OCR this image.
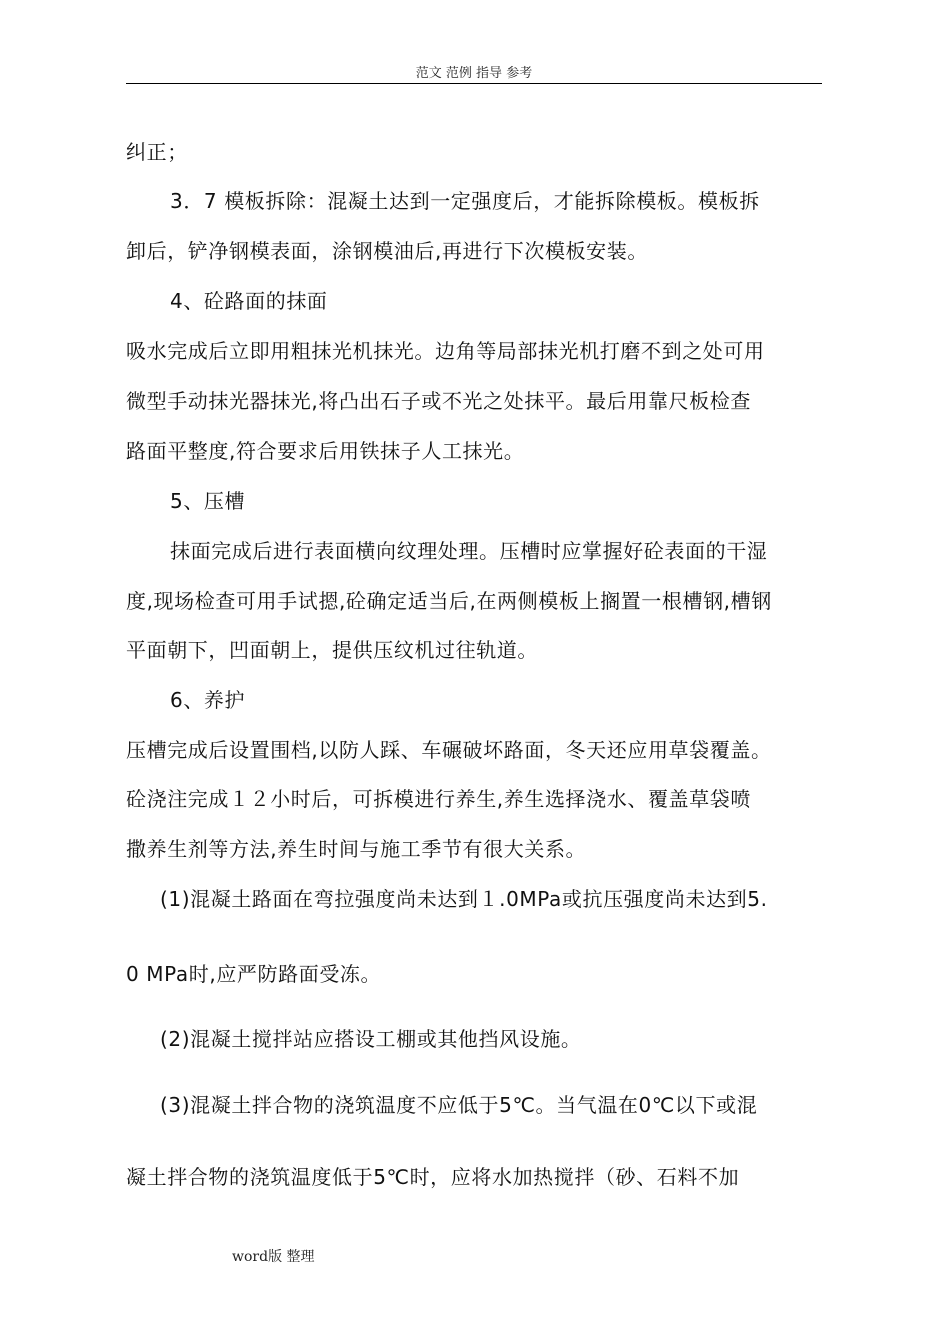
范文 范例 指导 参考
纠正；
3．7 模板拆除：混凝土达到一定强度后，才能拆除模板。模板拆
卸后，铲净钢模表面，涂钢模油后,再进行下次模板安装。
4、砼路面的抹面
吸水完成后立即用粗抹光机抹光。边角等局部抹光机打磨不到之处可用
微型手动抹光器抹光,将凸出石子或不光之处抹平。最后用靠尺板检查
路面平整度,符合要求后用铁抹子人工抹光。
5、压槽
抹面完成后进行表面横向纹理处理。压槽时应掌握好砼表面的干湿
度,现场检查可用手试摁,砼确定适当后,在两侧模板上搁置一根槽钢,槽钢
平面朝下，凹面朝上，提供压纹机过往轨道。
6、养护
压槽完成后设置围档,以防人踩、车碾破坏路面，冬天还应用草袋覆盖。
砼浇注完成１２小时后，可拆模进行养生,养生选择浇水、覆盖草袋喷
撒养生剂等方法,养生时间与施工季节有很大关系。
(1)混凝土路面在弯拉强度尚未达到１.0MPa或抗压强度尚未达到5.
0 MPa时,应严防路面受冻。
(2)混凝土搅拌站应搭设工棚或其他挡风设施。
(3)混凝土拌合物的浇筑温度不应低于5℃。当气温在0℃以下或混
凝土拌合物的浇筑温度低于5℃时，应将水加热搅拌（砂、石料不加
word版 整理
